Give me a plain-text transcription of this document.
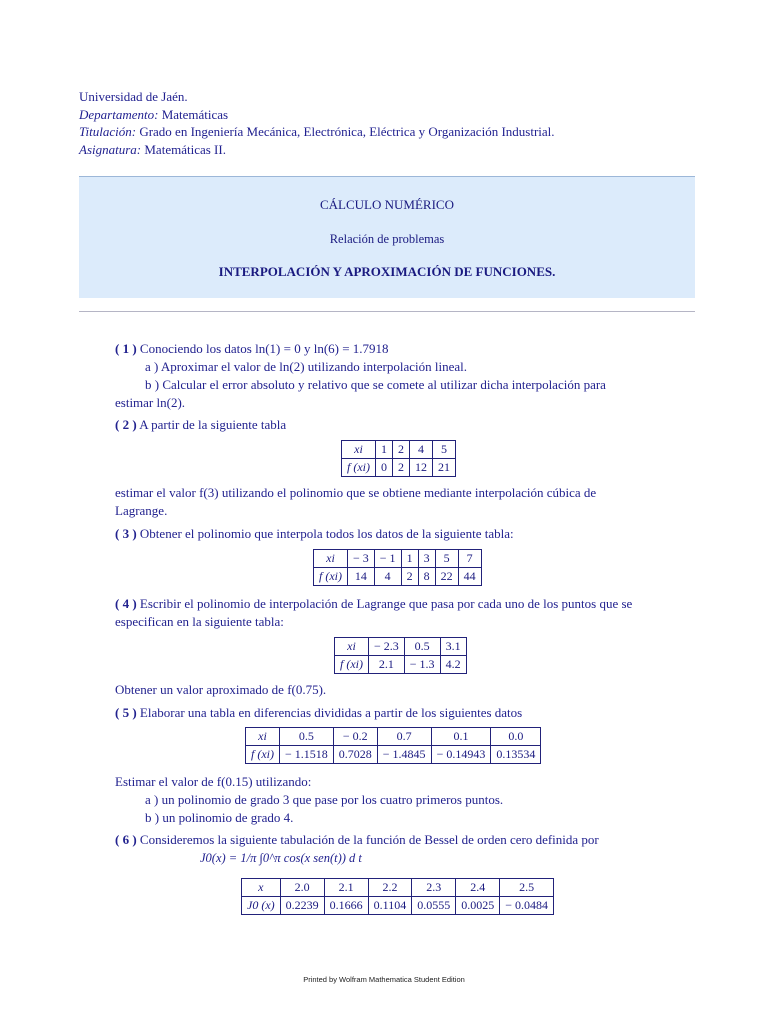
Universidad de Jaén.
Departamento: Matemáticas
Titulación: Grado en Ingeniería Mecánica, Electrónica, Eléctrica y Organización Industrial.
Asignatura: Matemáticas II.
CÁLCULO NUMÉRICO
Relación de problemas
INTERPOLACIÓN Y APROXIMACIÓN DE FUNCIONES.
( 1 ) Conociendo los datos ln(1) = 0 y ln(6) = 1.7918
a ) Aproximar el valor de ln(2) utilizando interpolación lineal.
b ) Calcular el error absoluto y relativo que se comete al utilizar dicha interpolación para
estimar ln(2).
( 2 ) A partir de la siguiente tabla
xi	1	2	4	5
f (xi)	0	2	12	21
estimar el valor f(3) utilizando el polinomio que se obtiene mediante interpolación cúbica de
Lagrange.
( 3 ) Obtener el polinomio que interpola todos los datos de la siguiente tabla:
xi	− 3	− 1	1	3	5	7
f (xi)	14	4	2	8	22	44
( 4 ) Escribir el polinomio de interpolación de Lagrange que pasa por cada uno de los puntos que se
especifican en la siguiente tabla:
xi	− 2.3	0.5	3.1
f (xi)	2.1	− 1.3	4.2
Obtener un valor aproximado de f(0.75).
( 5 ) Elaborar una tabla en diferencias divididas a partir de los siguientes datos
xi	0.5	− 0.2	0.7	0.1	0.0
f (xi)	− 1.1518	0.7028	− 1.4845	− 0.14943	0.13534
Estimar el valor de f(0.15) utilizando:
a ) un polinomio de grado 3 que pase por los cuatro primeros puntos.
b ) un polinomio de grado 4.
( 6 ) Consideremos la siguiente tabulación de la función de Bessel de orden cero definida por
J0(x) = 1/π ∫0^π cos(x sen(t)) d t
x	2.0	2.1	2.2	2.3	2.4	2.5
J0 (x)	0.2239	0.1666	0.1104	0.0555	0.0025	− 0.0484
Printed by Wolfram Mathematica Student Edition
